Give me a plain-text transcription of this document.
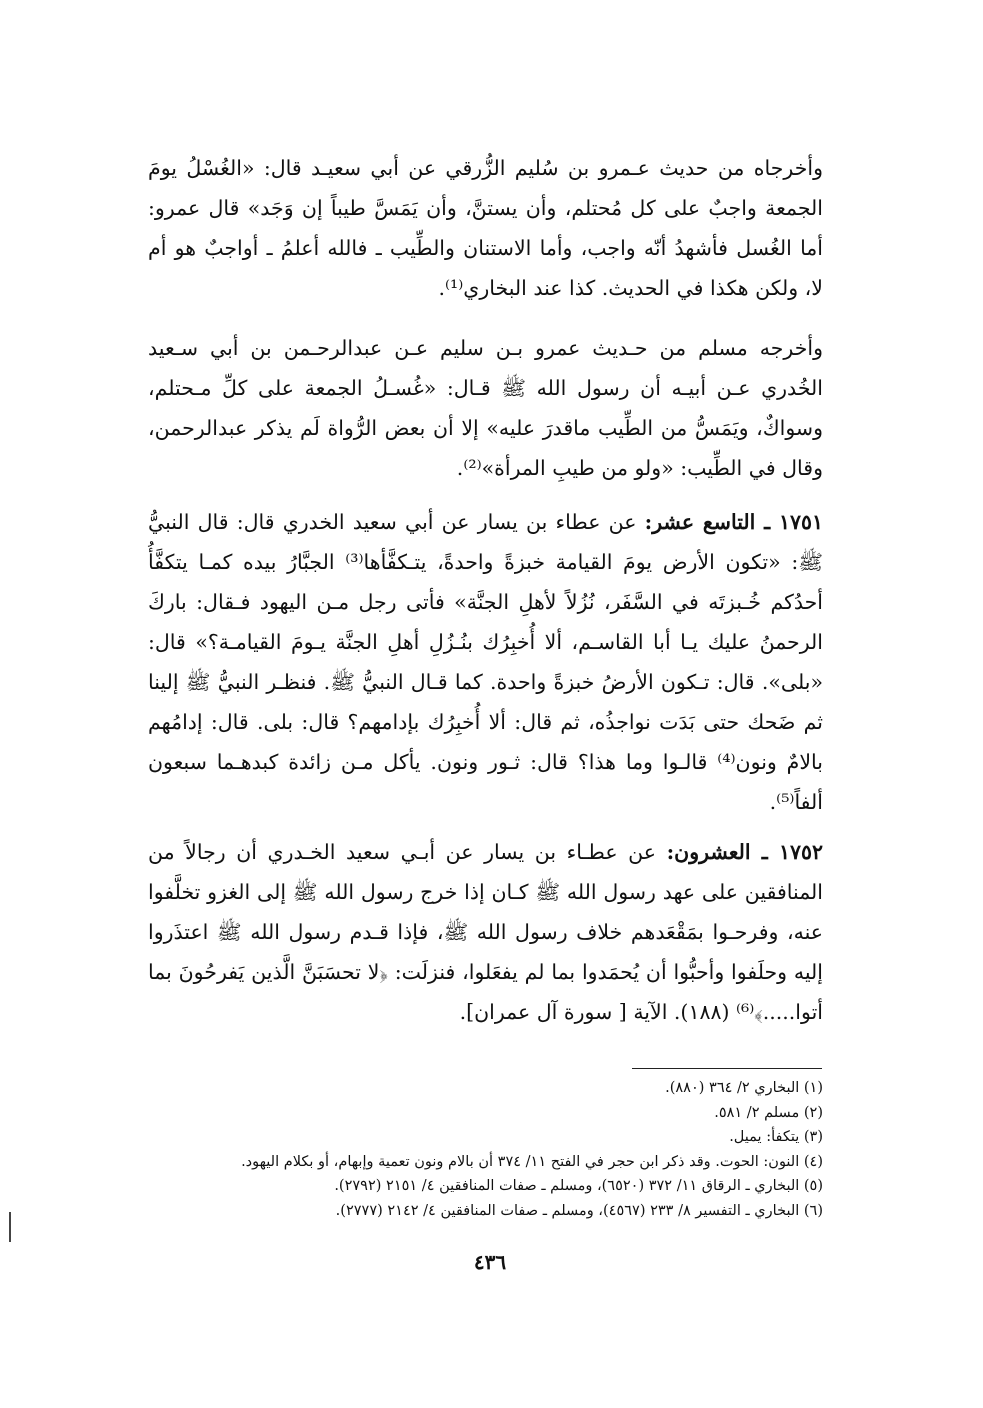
وأخرجاه من حديث عـمرو بن سُليم الزُّرقي عن أبي سعيـد قال: «الغُسْلُ يومَ الجمعة واجبٌ على كل مُحتلم، وأن يستنَّ، وأن يَمَسَّ طيباً إن وَجَد» قال عمرو: أما الغُسل فأشهدُ أنّه واجب، وأما الاستنان والطِّيب ـ فالله أعلمُ ـ أواجبٌ هو أم لا، ولكن هكذا في الحديث. كذا عند البخاري⁽¹⁾.

وأخرجه مسلم من حـديث عمرو بـن سليم عـن عبدالرحـمن بن أبي سـعيد الخُدري عـن أبيـه أن رسول الله ﷺ قـال: «غُسـلُ الجمعة على كلِّ مـحتلم، وسواكٌ، ويَمَسُّ من الطِّيب ماقدرَ عليه» إلا أن بعض الرُّواة لَم يذكر عبدالرحمن، وقال في الطِّيب: «ولو من طيبِ المرأة»⁽²⁾.

١٧٥١ ـ التاسع عشر: عن عطاء بن يسار عن أبي سعيد الخدري قال: قال النبيُّ ﷺ: «تكون الأرض يومَ القيامة خبزةً واحدةً، يتـكفَّأها⁽³⁾ الجبَّارُ بيده كمـا يتكفَّأُ أحدُكم خُـبزتَه في السَّفَر، نُزُلاً لأهلِ الجنَّة» فأتى رجل مـن اليهود فـقال: باركَ الرحمنُ عليك يـا أبا القاسـم، ألا أُخبِرُك بنُـزُلِ أهلِ الجنَّة يـومَ القيامـة؟» قال: «بلى». قال: تـكون الأرضُ خبزةً واحدة. كما قـال النبيُّ ﷺ. فنظـر النبيُّ ﷺ إلينا ثم ضَحك حتى بَدَت نواجذُه، ثم قال: ألا أُخبِرُك بإدامهم؟ قال: بلى. قال: إدامُهم بالامٌ ونون⁽⁴⁾ قالـوا وما هذا؟ قال: ثـور ونون. يأكل مـن زائدة كبدهـما سبعون ألفاً⁽⁵⁾.

١٧٥٢ ـ العشرون: عن عطـاء بن يسار عن أبـي سعيد الخـدري أن رجالاً من المنافقين على عهد رسول الله ﷺ كـان إذا خرج رسول الله ﷺ إلى الغزو تخلَّفوا عنه، وفرحـوا بمَقْعَدهم خلاف رسول الله ﷺ، فإذا قـدم رسول الله ﷺ اعتذَروا إليه وحلَفوا وأحبُّوا أن يُحمَدوا بما لم يفعَلوا، فنزلَت: ﴿لا تحسَبَنَّ الَّذين يَفرحُونَ بما أتوا.....﴾⁽⁶⁾ (١٨٨). الآية [ سورة آل عمران].

(١) البخاري ٢/ ٣٦٤ (٨٨٠).
(٢) مسلم ٢/ ٥٨١.
(٣) يتكفأ: يميل.
(٤) النون: الحوت. وقد ذكر ابن حجر في الفتح ١١/ ٣٧٤ أن بالام ونون تعمية وإبهام، أو بكلام اليهود.
(٥) البخاري ـ الرقاق ١١/ ٣٧٢ (٦٥٢٠)، ومسلم ـ صفات المنافقين ٤/ ٢١٥١ (٢٧٩٢).
(٦) البخاري ـ التفسير ٨/ ٢٣٣ (٤٥٦٧)، ومسلم ـ صفات المنافقين ٤/ ٢١٤٢ (٢٧٧٧).
٤٣٦
